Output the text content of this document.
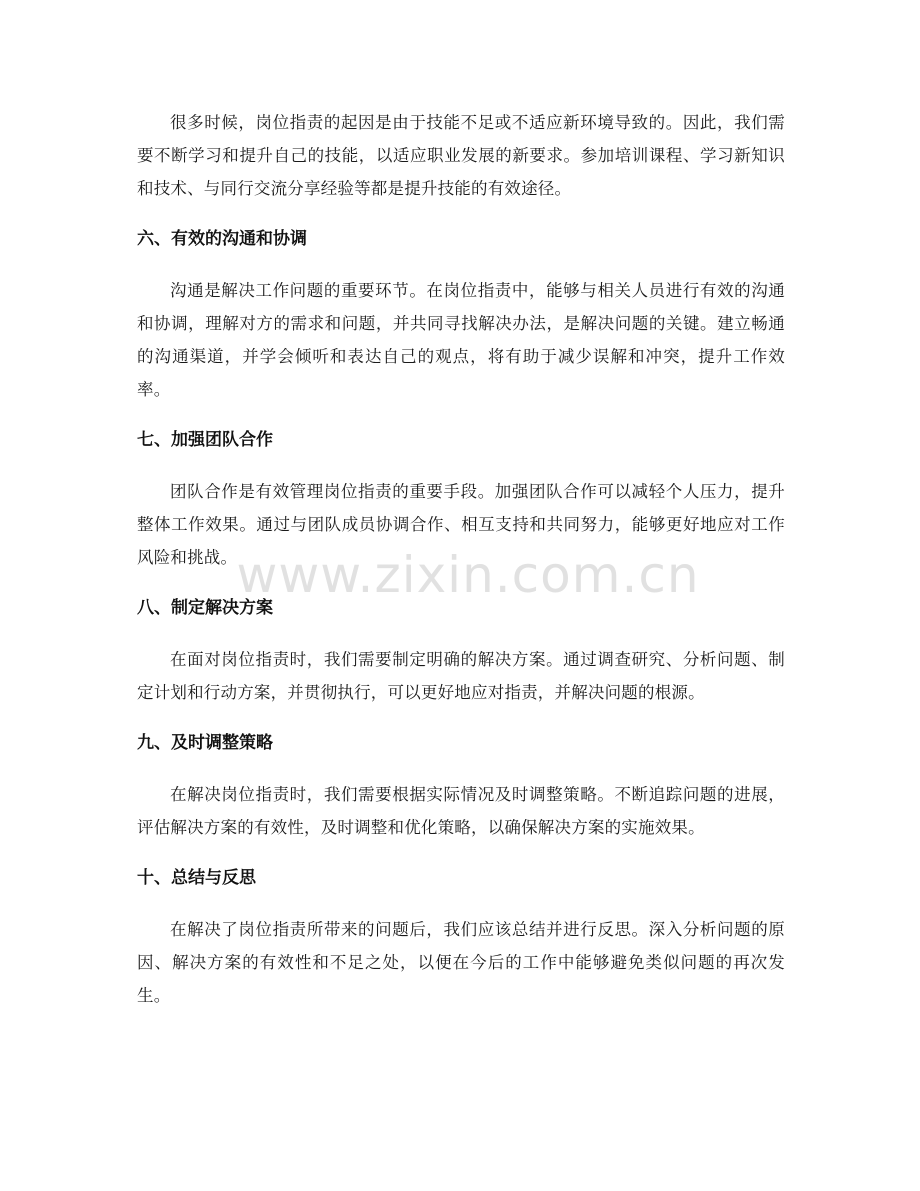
很多时候，岗位指责的起因是由于技能不足或不适应新环境导致的。因此，我们需要不断学习和提升自己的技能，以适应职业发展的新要求。参加培训课程、学习新知识和技术、与同行交流分享经验等都是提升技能的有效途径。

六、有效的沟通和协调

沟通是解决工作问题的重要环节。在岗位指责中，能够与相关人员进行有效的沟通和协调，理解对方的需求和问题，并共同寻找解决办法，是解决问题的关键。建立畅通的沟通渠道，并学会倾听和表达自己的观点，将有助于减少误解和冲突，提升工作效率。

七、加强团队合作

团队合作是有效管理岗位指责的重要手段。加强团队合作可以减轻个人压力，提升整体工作效果。通过与团队成员协调合作、相互支持和共同努力，能够更好地应对工作风险和挑战。

八、制定解决方案

在面对岗位指责时，我们需要制定明确的解决方案。通过调查研究、分析问题、制定计划和行动方案，并贯彻执行，可以更好地应对指责，并解决问题的根源。

九、及时调整策略

在解决岗位指责时，我们需要根据实际情况及时调整策略。不断追踪问题的进展，评估解决方案的有效性，及时调整和优化策略，以确保解决方案的实施效果。

十、总结与反思

在解决了岗位指责所带来的问题后，我们应该总结并进行反思。深入分析问题的原因、解决方案的有效性和不足之处，以便在今后的工作中能够避免类似问题的再次发生。

www.zixin.com.cn
